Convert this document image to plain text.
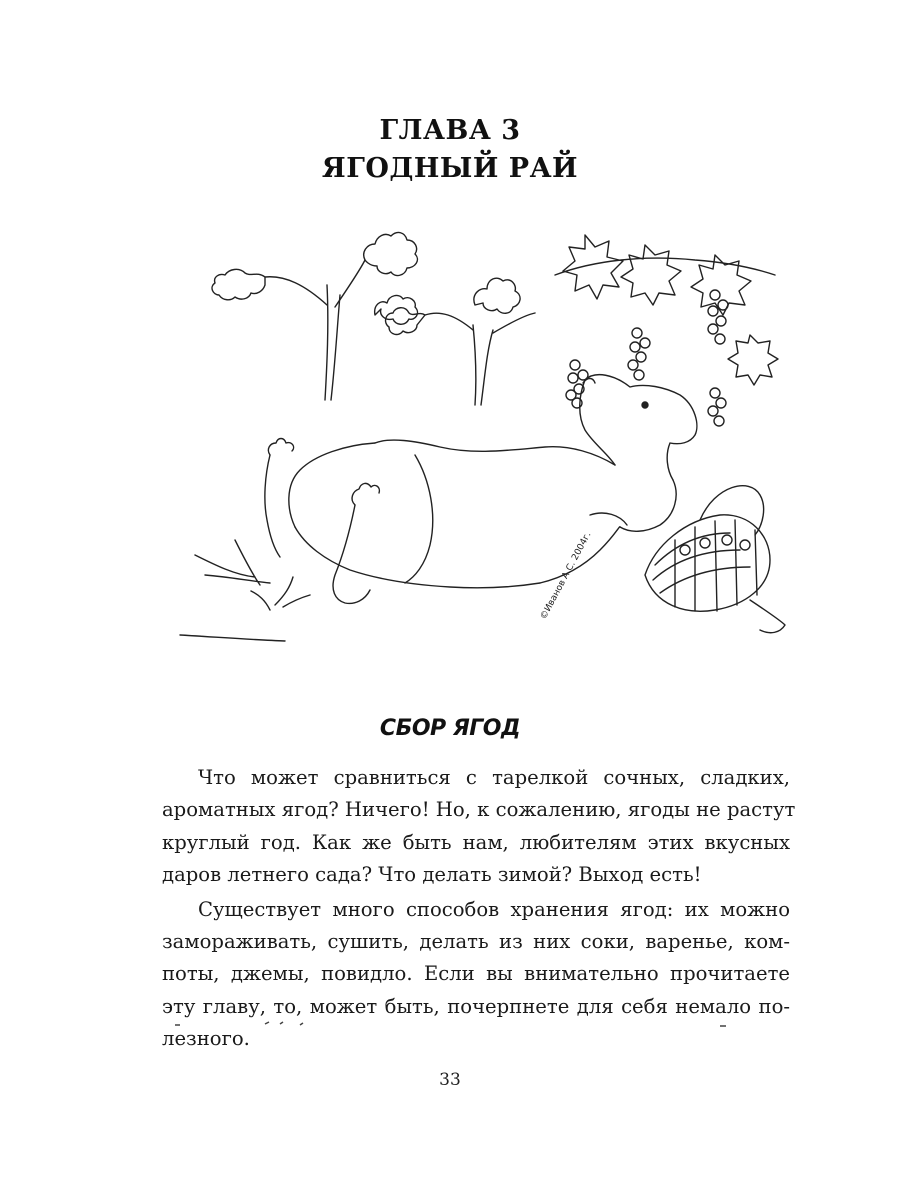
ГЛАВА 3
ЯГОДНЫЙ РАЙ
©Иванов А.С. 2004г.
СБОР ЯГОД
Что может сравниться с тарелкой сочных, сладких,
ароматных ягод? Ничего! Но, к сожалению, ягоды не растут
круглый год. Как же быть нам, любителям этих вкусных
даров летнего сада? Что делать зимой? Выход есть!
Существует много способов хранения ягод: их можно
замораживать, сушить, делать из них соки, варенье, ком-
поты, джемы, повидло. Если вы внимательно прочитаете
эту главу, то, может быть, почерпнете для себя немало по-
лезного.
33
